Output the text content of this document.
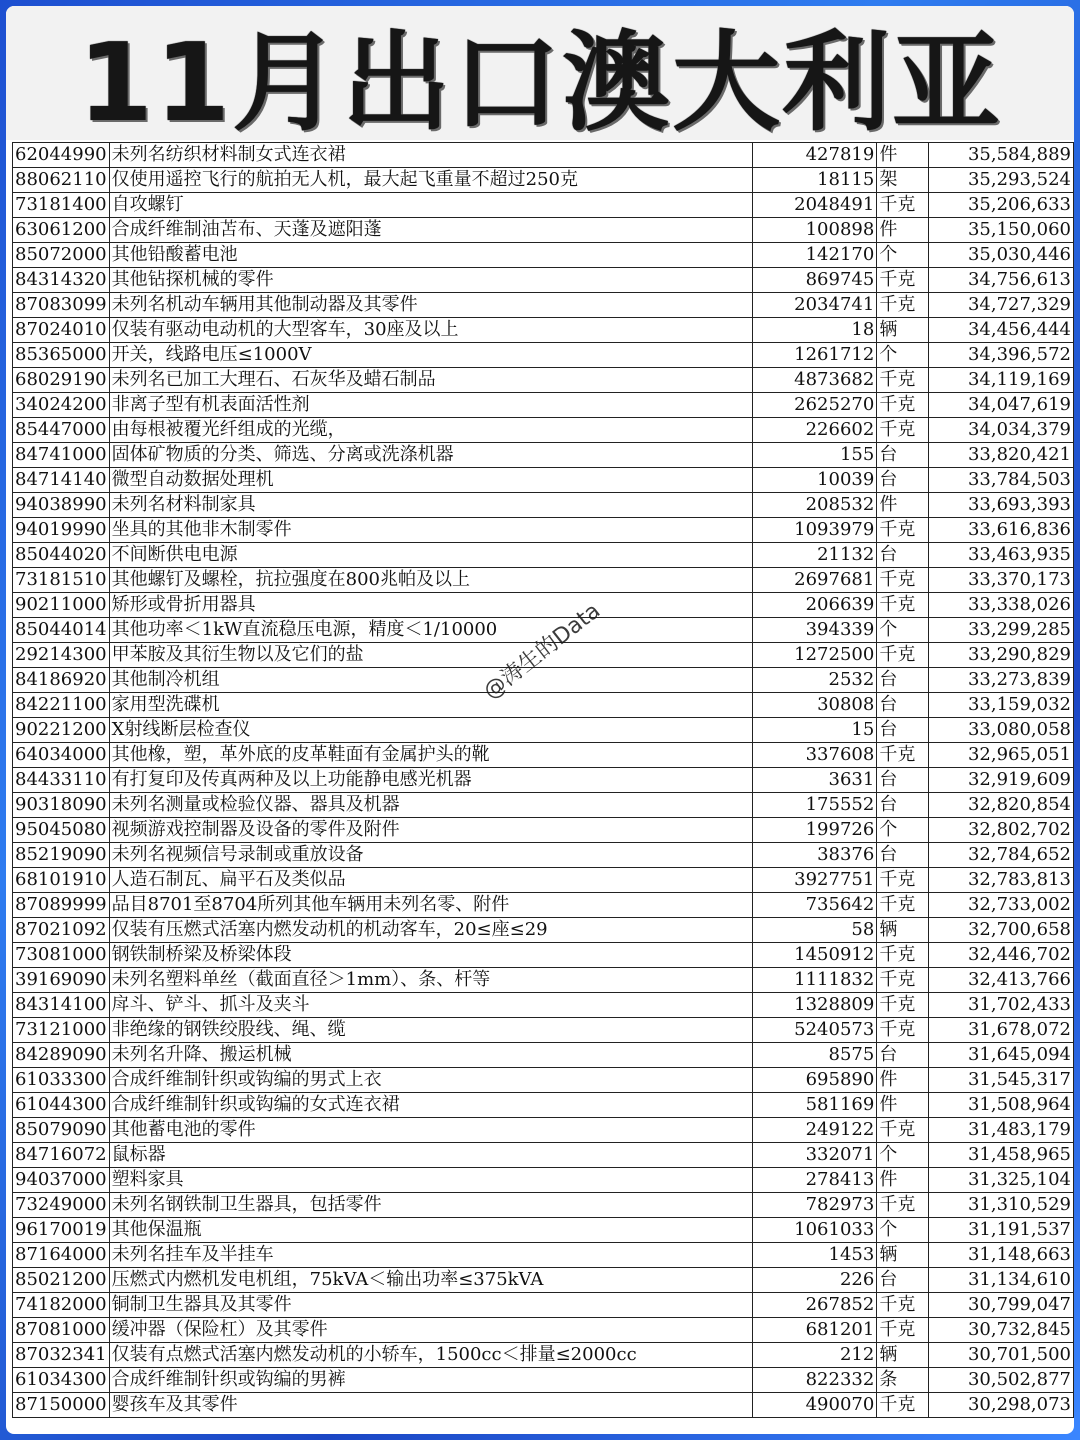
11月出口澳大利亚
62044990	未列名纺织材料制女式连衣裙	427819	件	35,584,889
88062110	仅使用遥控飞行的航拍无人机，最大起飞重量不超过250克	18115	架	35,293,524
73181400	自攻螺钉	2048491	千克	35,206,633
63061200	合成纤维制油苫布、天蓬及遮阳蓬	100898	件	35,150,060
85072000	其他铅酸蓄电池	142170	个	35,030,446
84314320	其他钻探机械的零件	869745	千克	34,756,613
87083099	未列名机动车辆用其他制动器及其零件	2034741	千克	34,727,329
87024010	仅装有驱动电动机的大型客车，30座及以上	18	辆	34,456,444
85365000	开关，线路电压≤1000V	1261712	个	34,396,572
68029190	未列名已加工大理石、石灰华及蜡石制品	4873682	千克	34,119,169
34024200	非离子型有机表面活性剂	2625270	千克	34,047,619
85447000	由每根被覆光纤组成的光缆，	226602	千克	34,034,379
84741000	固体矿物质的分类、筛选、分离或洗涤机器	155	台	33,820,421
84714140	微型自动数据处理机	10039	台	33,784,503
94038990	未列名材料制家具	208532	件	33,693,393
94019990	坐具的其他非木制零件	1093979	千克	33,616,836
85044020	不间断供电电源	21132	台	33,463,935
73181510	其他螺钉及螺栓，抗拉强度在800兆帕及以上	2697681	千克	33,370,173
90211000	矫形或骨折用器具	206639	千克	33,338,026
85044014	其他功率＜1kW直流稳压电源，精度＜1/10000	394339	个	33,299,285
29214300	甲苯胺及其衍生物以及它们的盐	1272500	千克	33,290,829
84186920	其他制冷机组	2532	台	33,273,839
84221100	家用型洗碟机	30808	台	33,159,032
90221200	X射线断层检查仪	15	台	33,080,058
64034000	其他橡，塑，革外底的皮革鞋面有金属护头的靴	337608	千克	32,965,051
84433110	有打复印及传真两种及以上功能静电感光机器	3631	台	32,919,609
90318090	未列名测量或检验仪器、器具及机器	175552	台	32,820,854
95045080	视频游戏控制器及设备的零件及附件	199726	个	32,802,702
85219090	未列名视频信号录制或重放设备	38376	台	32,784,652
68101910	人造石制瓦、扁平石及类似品	3927751	千克	32,783,813
87089999	品目8701至8704所列其他车辆用未列名零、附件	735642	千克	32,733,002
87021092	仅装有压燃式活塞内燃发动机的机动客车，20≤座≤29	58	辆	32,700,658
73081000	钢铁制桥梁及桥梁体段	1450912	千克	32,446,702
39169090	未列名塑料单丝（截面直径＞1mm）、条、杆等	1111832	千克	32,413,766
84314100	戽斗、铲斗、抓斗及夹斗	1328809	千克	31,702,433
73121000	非绝缘的钢铁绞股线、绳、缆	5240573	千克	31,678,072
84289090	未列名升降、搬运机械	8575	台	31,645,094
61033300	合成纤维制针织或钩编的男式上衣	695890	件	31,545,317
61044300	合成纤维制针织或钩编的女式连衣裙	581169	件	31,508,964
85079090	其他蓄电池的零件	249122	千克	31,483,179
84716072	鼠标器	332071	个	31,458,965
94037000	塑料家具	278413	件	31,325,104
73249000	未列名钢铁制卫生器具，包括零件	782973	千克	31,310,529
96170019	其他保温瓶	1061033	个	31,191,537
87164000	未列名挂车及半挂车	1453	辆	31,148,663
85021200	压燃式内燃机发电机组，75kVA＜输出功率≤375kVA	226	台	31,134,610
74182000	铜制卫生器具及其零件	267852	千克	30,799,047
87081000	缓冲器（保险杠）及其零件	681201	千克	30,732,845
87032341	仅装有点燃式活塞内燃发动机的小轿车，1500cc＜排量≤2000cc	212	辆	30,701,500
61034300	合成纤维制针织或钩编的男裤	822332	条	30,502,877
87150000	婴孩车及其零件	490070	千克	30,298,073
@涛生的Data
